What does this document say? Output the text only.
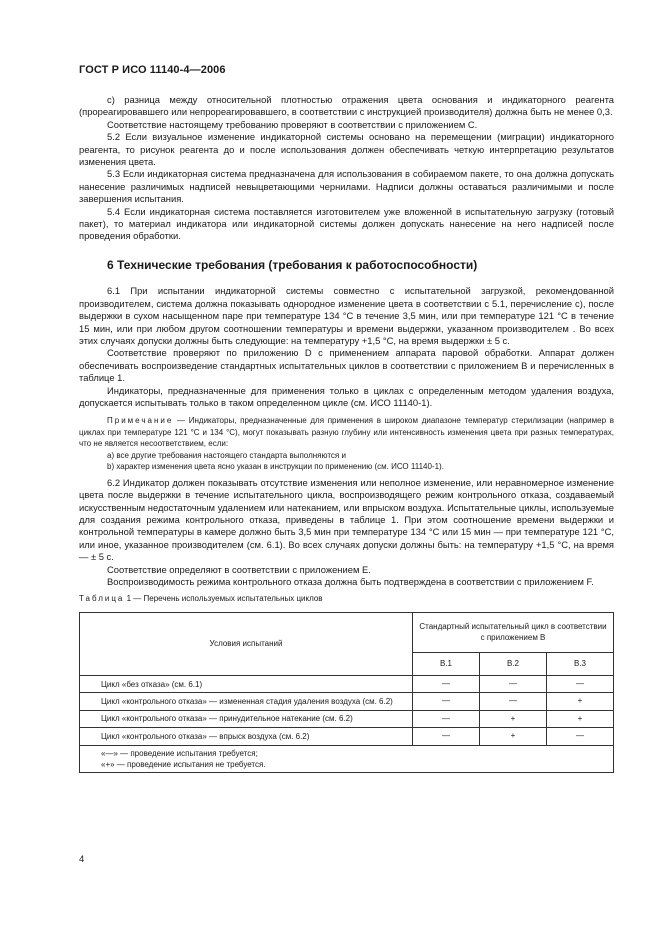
ГОСТ Р ИСО 11140-4—2006

с) разница между относительной плотностью отражения цвета основания и индикаторного реагента (прореагировавшего или непрореагировавшего, в соответствии с инструкцией производителя) должна быть не менее 0,3.

Соответствие настоящему требованию проверяют в соответствии с приложением С.

5.2 Если визуальное изменение индикаторной системы основано на перемещении (миграции) индикаторного реагента, то рисунок реагента до и после использования должен обеспечивать четкую интерпретацию результатов изменения цвета.

5.3 Если индикаторная система предназначена для использования в собираемом пакете, то она должна допускать нанесение различимых надписей невыцветающими чернилами. Надписи должны оставаться различимыми и после завершения испытания.

5.4 Если индикаторная система поставляется изготовителем уже вложенной в испытательную загрузку (готовый пакет), то материал индикатора или индикаторной системы должен допускать нанесение на него надписей после проведения обработки.

6 Технические требования (требования к работоспособности)

6.1 При испытании индикаторной системы совместно с испытательной загрузкой, рекомендованной производителем, система должна показывать однородное изменение цвета в соответствии с 5.1, перечисление с), после выдержки в сухом насыщенном паре при температуре 134 °С в течение 3,5 мин, или при температуре 121 °С в течение 15 мин, или при любом другом соотношении температуры и времени выдержки, указанном производителем . Во всех этих случаях допуски должны быть следующие: на температуру +1,5 °С, на время выдержки ± 5 с.

Соответствие проверяют по приложению D с применением аппарата паровой обработки. Аппарат должен обеспечивать воспроизведение стандартных испытательных циклов в соответствии с приложением В и перечисленных в таблице 1.

Индикаторы, предназначенные для применения только в циклах с определенным методом удаления воздуха, допускается испытывать только в таком определенном цикле (см. ИСО 11140-1).

Примечание — Индикаторы, предназначенные для применения в широком диапазоне температур стерилизации (например в циклах при температуре 121 °С и 134 °С), могут показывать разную глубину или интенсивность изменения цвета при разных температурах, что не является несоответствием, если:

а) все другие требования настоящего стандарта выполняются и

b) характер изменения цвета ясно указан в инструкции по применению (см. ИСО 11140-1).

6.2 Индикатор должен показывать отсутствие изменения или неполное изменение, или неравномерное изменение цвета после выдержки в течение испытательного цикла, воспроизводящего режим контрольного отказа, создаваемый искусственным недостаточным удалением или натеканием, или впрыском воздуха. Испытательные циклы, используемые для создания режима контрольного отказа, приведены в таблице 1. При этом соотношение времени выдержки и контрольной температуры в камере должно быть 3,5 мин при температуре 134 °С или 15 мин — при температуре 121 °С, или иное, указанное производителем (см. 6.1). Во всех случаях допуски должны быть: на температуру +1,5 °С, на время — ± 5 с.

Соответствие определяют в соответствии с приложением Е.

Воспроизводимость режима контрольного отказа должна быть подтверждена в соответствии с приложением F.

Таблица 1 — Перечень используемых испытательных циклов
Условия испытаний	Стандартный испытательный цикл в соответствии с приложением В		
	В.1	В.2	В.3
Цикл «без отказа» (см. 6.1)	—	—	—
Цикл «контрольного отказа» — измененная стадия удаления воздуха (см. 6.2)	—	—	+
Цикл «контрольного отказа» — принудительное натекание (см. 6.2)	—	+	+
Цикл «контрольного отказа» — впрыск воздуха (см. 6.2)	—	+	—

«—» — проведение испытания требуется;
«+» — проведение испытания не требуется.			
4
